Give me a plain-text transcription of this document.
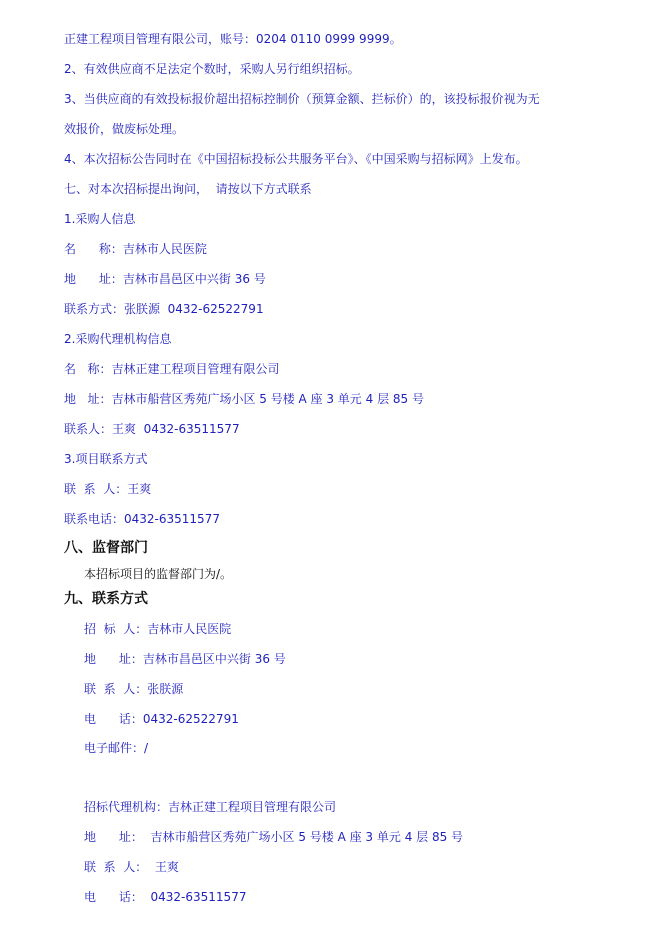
正建工程项目管理有限公司，账号：0204 0110 0999 9999。
2、有效供应商不足法定个数时，采购人另行组织招标。
3、当供应商的有效投标报价超出招标控制价（预算金额、拦标价）的，该投标报价视为无
效报价，做废标处理。
4、本次招标公告同时在《中国招标投标公共服务平台》、《中国采购与招标网》上发布。
七、对本次招标提出询问，  请按以下方式联系
1.采购人信息
名      称：吉林市人民医院
地      址：吉林市昌邑区中兴街 36 号
联系方式：张朕源  0432-62522791
2.采购代理机构信息
名   称：吉林正建工程项目管理有限公司
地   址：吉林市船营区秀苑广场小区 5 号楼 A 座 3 单元 4 层 85 号
联系人：王爽  0432-63511577
3.项目联系方式
联  系  人：王爽
联系电话：0432-63511577
八、监督部门
本招标项目的监督部门为/。
九、联系方式
招  标  人：吉林市人民医院
地      址：吉林市昌邑区中兴街 36 号
联  系  人：张朕源
电      话：0432-62522791
电子邮件：/
招标代理机构：吉林正建工程项目管理有限公司
地      址：  吉林市船营区秀苑广场小区 5 号楼 A 座 3 单元 4 层 85 号
联  系  人：  王爽
电      话：  0432-63511577
